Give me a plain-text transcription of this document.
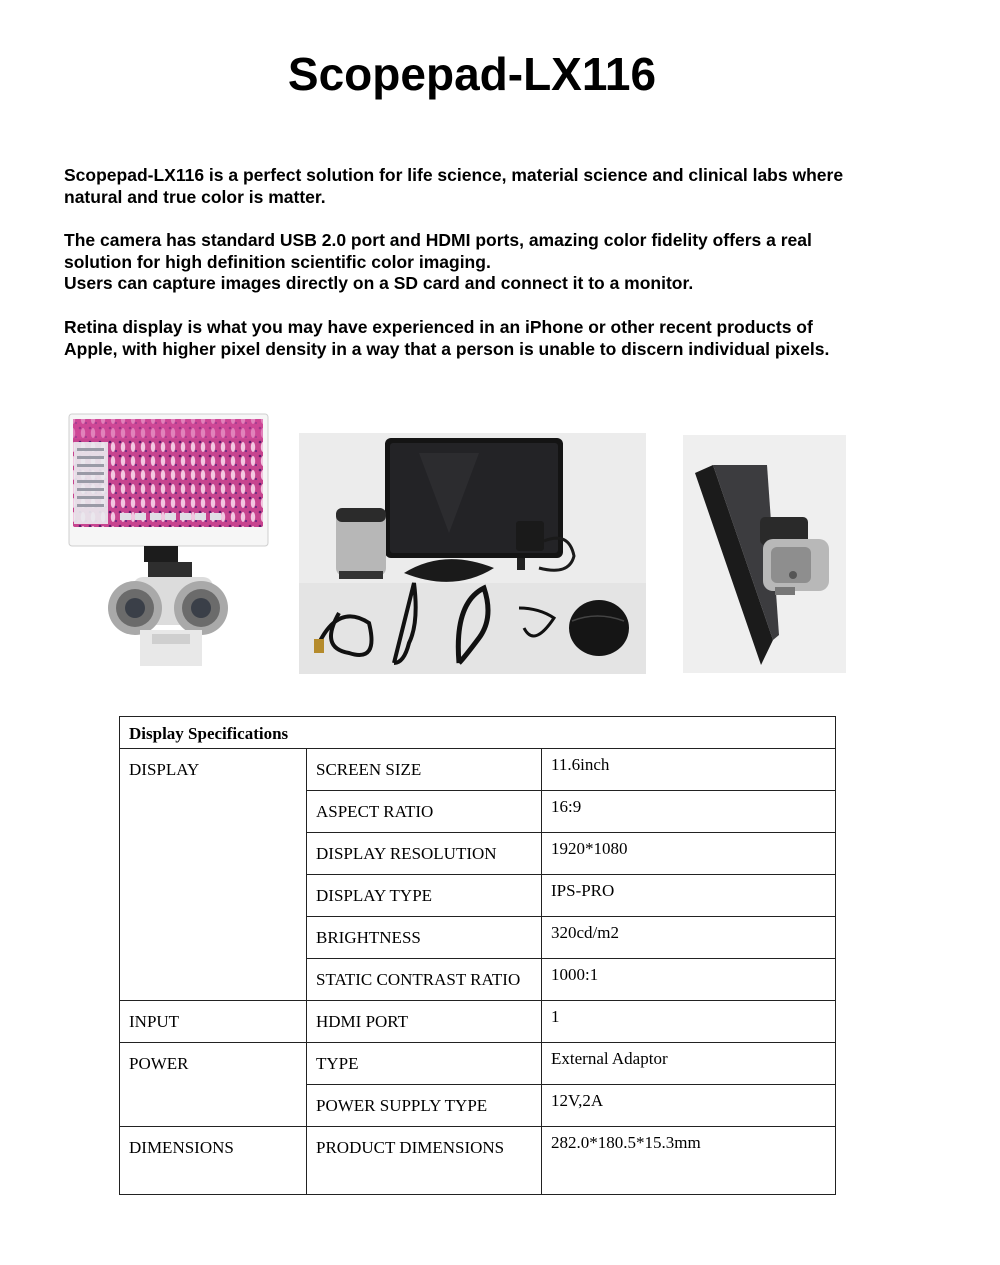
Scopepad-LX116

Scopepad-LX116 is a perfect solution for life science, material science and clinical labs where
natural and true color is matter.

The camera has standard USB 2.0 port and HDMI ports, amazing color fidelity offers a real
solution for high definition scientific color imaging.
Users can capture images directly on a SD card and connect it to a monitor.

Retina display is what you may have experienced in an iPhone or other recent products of
Apple, with higher pixel density in a way that a person is unable to discern individual pixels.

Display Specifications		
DISPLAY	SCREEN SIZE	11.6inch
	ASPECT RATIO	16:9
	DISPLAY RESOLUTION	1920*1080
	DISPLAY TYPE	IPS-PRO
	BRIGHTNESS	320cd/m2
	STATIC CONTRAST RATIO	1000:1
INPUT	HDMI PORT	1
POWER	TYPE	External Adaptor
	POWER SUPPLY TYPE	12V,2A
DIMENSIONS	PRODUCT DIMENSIONS	282.0*180.5*15.3mm
